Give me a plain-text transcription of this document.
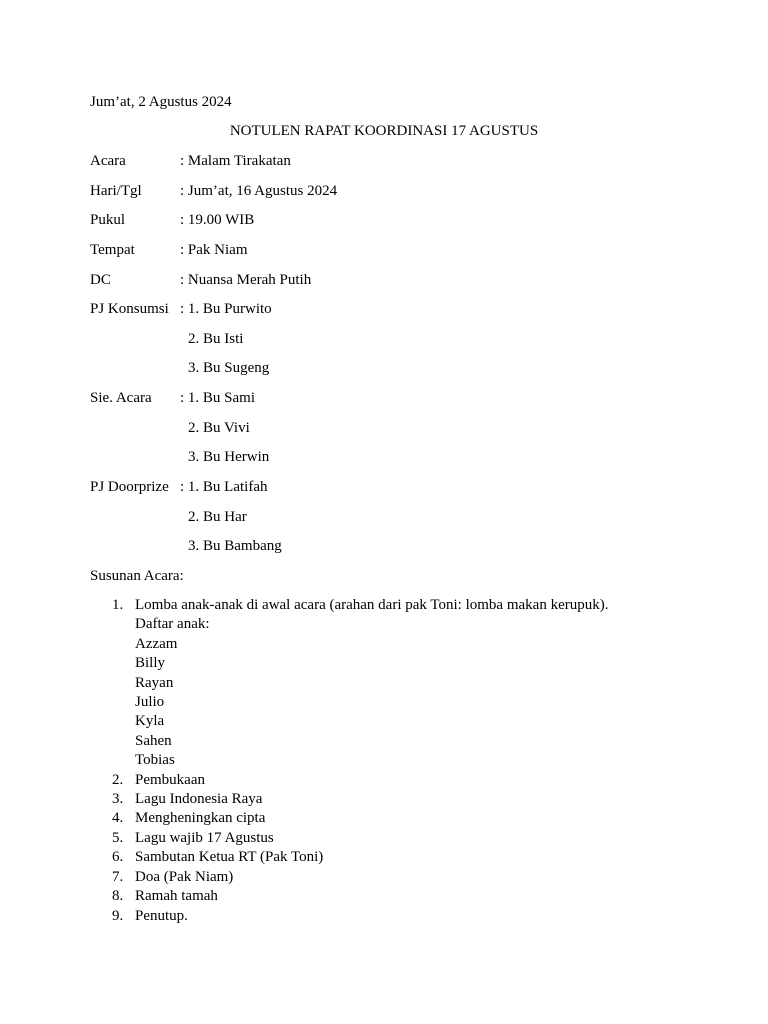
Jum’at, 2 Agustus 2024
NOTULEN RAPAT KOORDINASI 17 AGUSTUS
Acara	: Malam Tirakatan
Hari/Tgl	: Jum’at, 16 Agustus 2024
Pukul	: 19.00 WIB
Tempat	: Pak Niam
DC	: Nuansa Merah Putih
PJ Konsumsi : 1. Bu Purwito
2. Bu Isti
3. Bu Sugeng
Sie. Acara : 1. Bu Sami
2. Bu Vivi
3. Bu Herwin
PJ Doorprize : 1. Bu Latifah
2. Bu Har
3. Bu Bambang
Susunan Acara:
1. Lomba anak-anak di awal acara (arahan dari pak Toni: lomba makan kerupuk).
Daftar anak:
Azzam
Billy
Rayan
Julio
Kyla
Sahen
Tobias
2. Pembukaan
3. Lagu Indonesia Raya
4. Mengheningkan cipta
5. Lagu wajib 17 Agustus
6. Sambutan Ketua RT (Pak Toni)
7. Doa (Pak Niam)
8. Ramah tamah
9. Penutup.
